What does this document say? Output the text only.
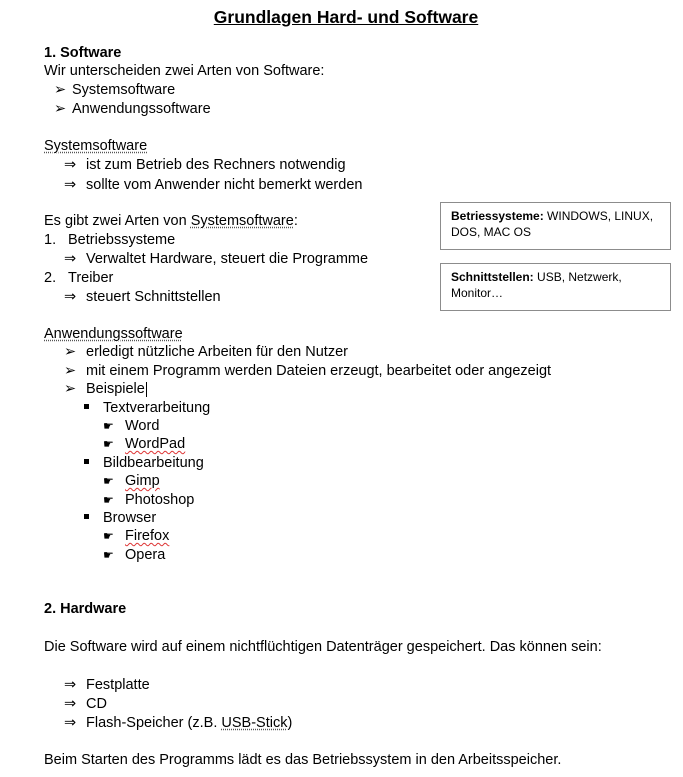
Grundlagen Hard- und Software
1. Software
Wir unterscheiden zwei Arten von Software:
➢ Systemsoftware
➢ Anwendungssoftware
Systemsoftware
⇒ ist zum Betrieb des Rechners notwendig
⇒ sollte vom Anwender nicht bemerkt werden
Es gibt zwei Arten von Systemsoftware:
1. Betriebssysteme
⇒ Verwaltet Hardware, steuert die Programme
2. Treiber
⇒ steuert Schnittstellen
Betriessysteme: WINDOWS, LINUX, DOS, MAC OS
Schnittstellen: USB, Netzwerk, Monitor…
Anwendungssoftware
➢ erledigt nützliche Arbeiten für den Nutzer
➢ mit einem Programm werden Dateien erzeugt, bearbeitet oder angezeigt
➢ Beispiele
Textverarbeitung
☛ Word
☛ WordPad
Bildbearbeitung
☛ Gimp
☛ Photoshop
Browser
☛ Firefox
☛ Opera
2. Hardware
Die Software wird auf einem nichtflüchtigen Datenträger gespeichert. Das können sein:
⇒ Festplatte
⇒ CD
⇒ Flash-Speicher (z.B. USB-Stick)
Beim Starten des Programms lädt es das Betriebssystem in den Arbeitsspeicher.
